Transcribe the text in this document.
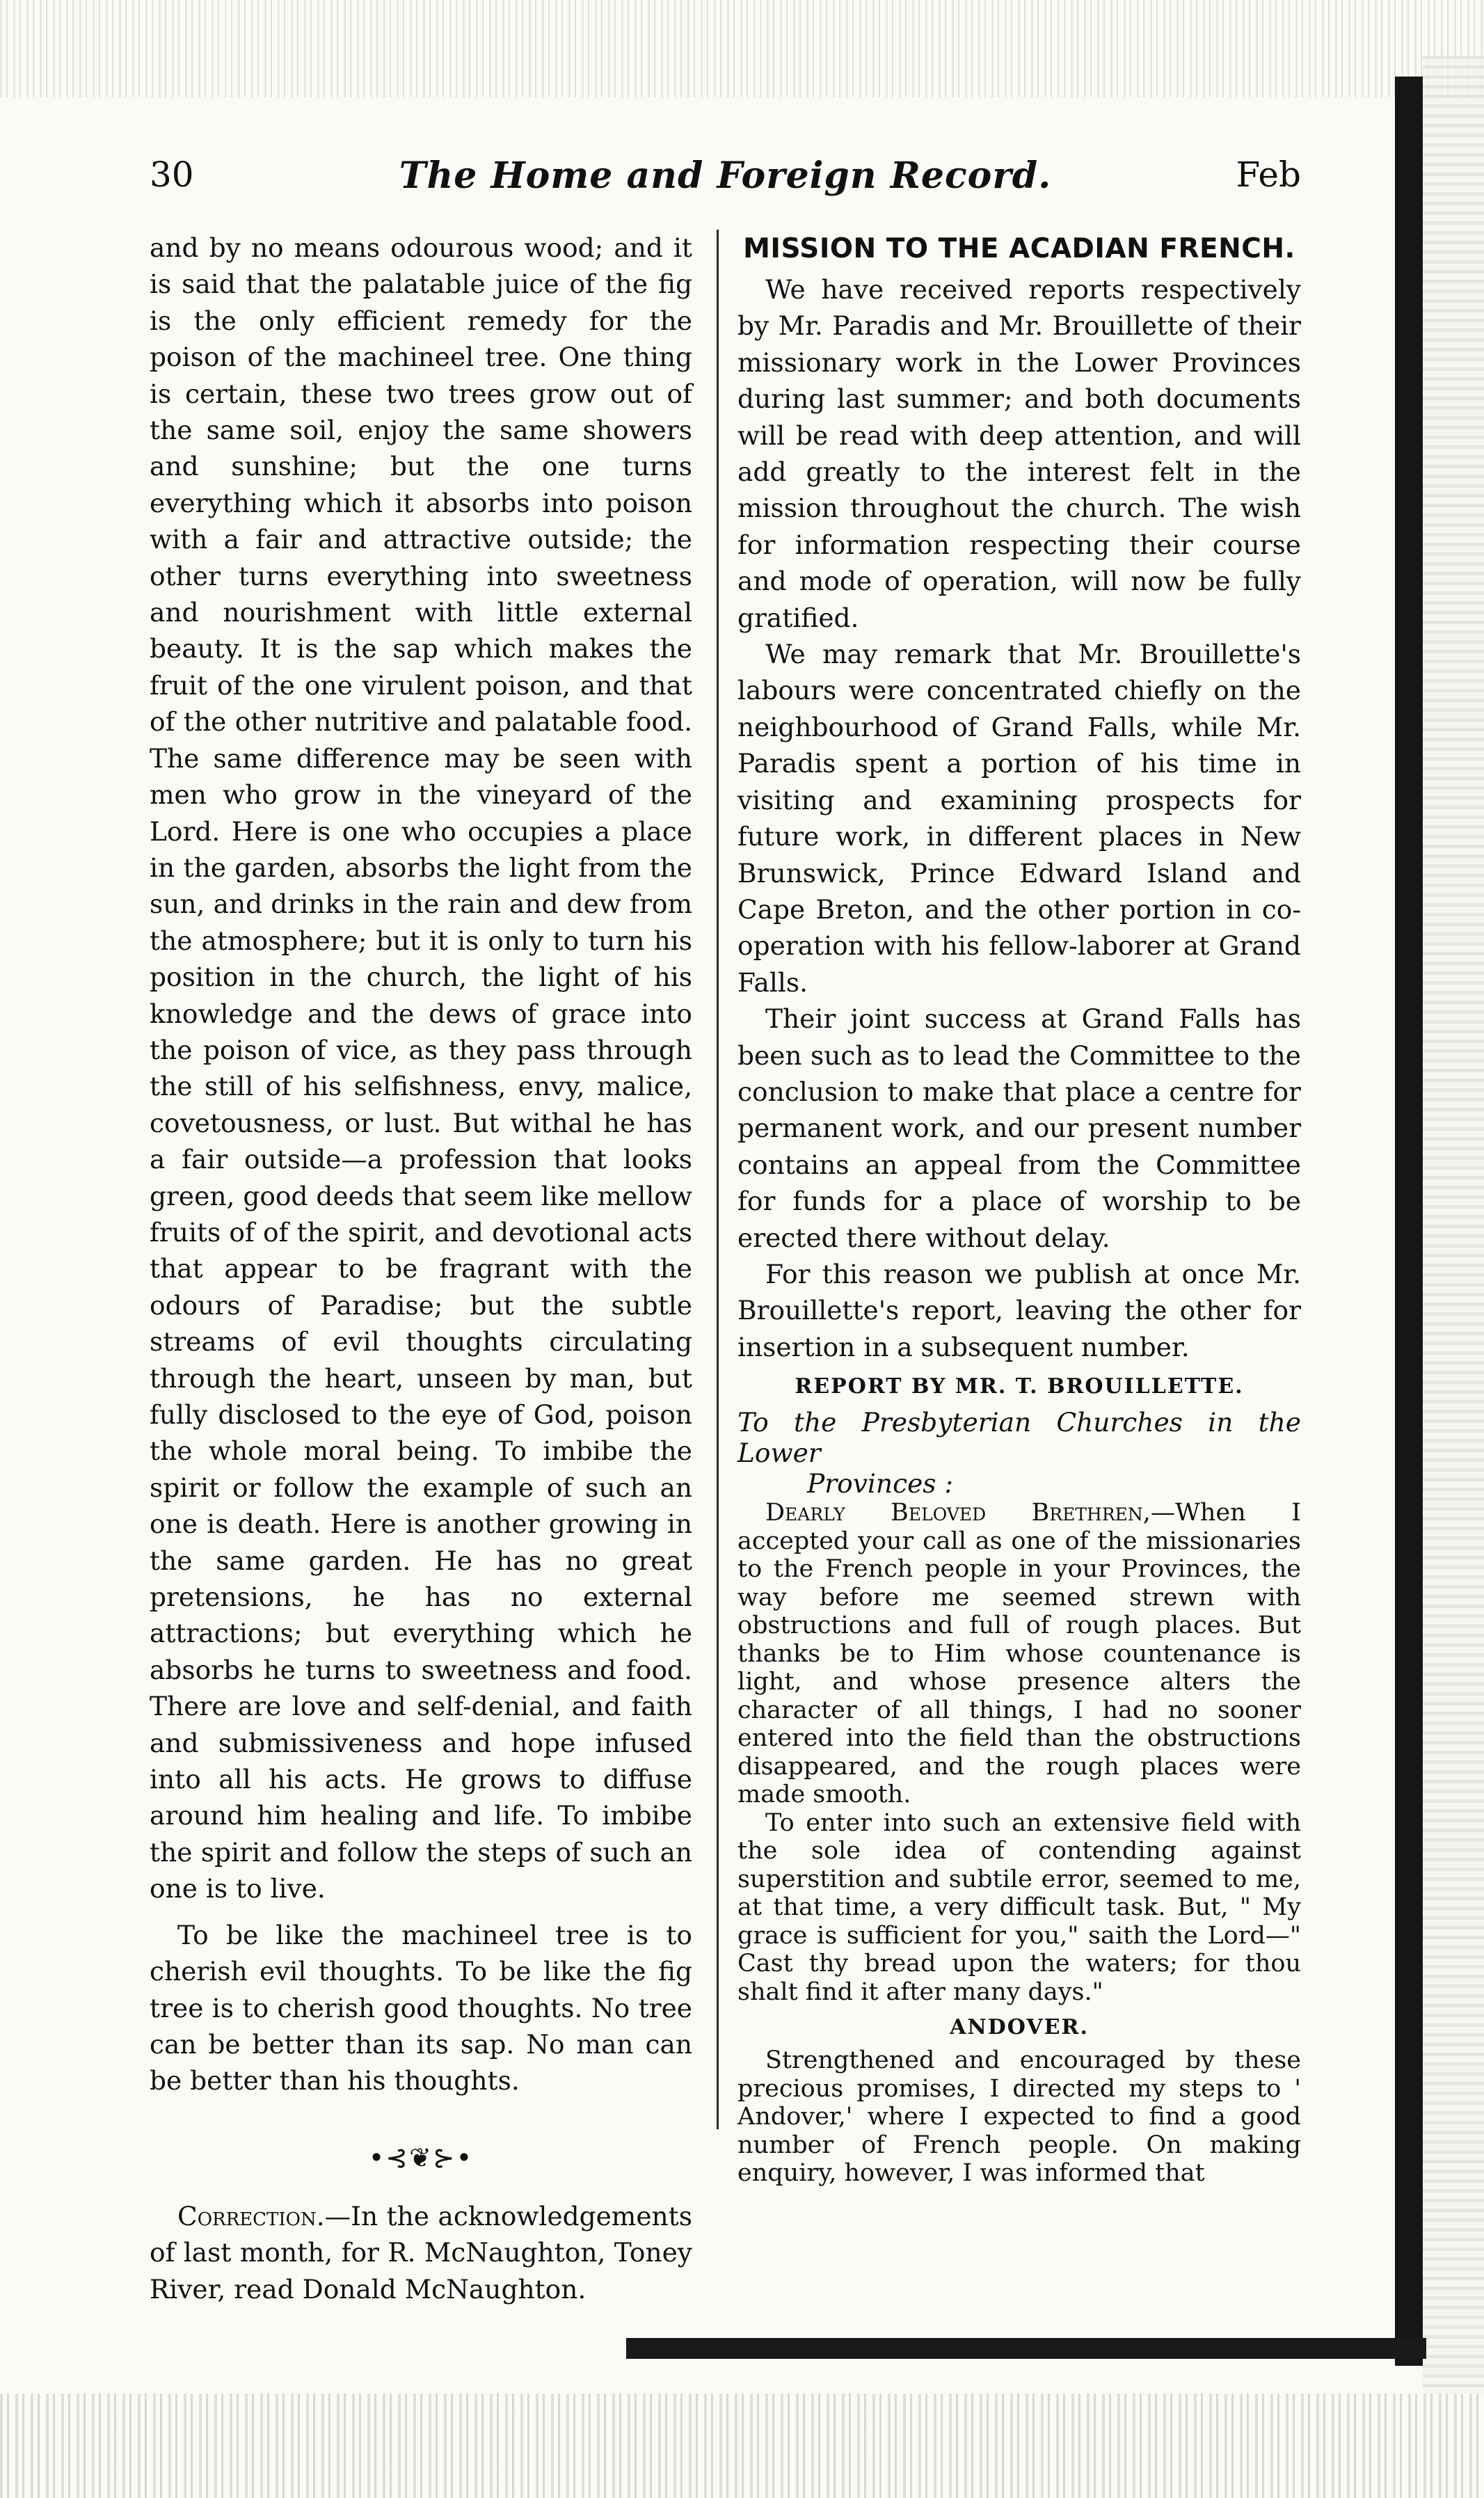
30	The Home and Foreign Record.	Feb

and by no means odourous wood; and it is said that the palatable juice of the fig is the only efficient remedy for the poison of the machineel tree. One thing is certain, these two trees grow out of the same soil, enjoy the same showers and sunshine; but the one turns everything which it absorbs into poison with a fair and attractive outside; the other turns everything into sweetness and nourishment with little external beauty. It is the sap which makes the fruit of the one virulent poison, and that of the other nutritive and palatable food. The same difference may be seen with men who grow in the vineyard of the Lord. Here is one who occupies a place in the garden, absorbs the light from the sun, and drinks in the rain and dew from the atmosphere; but it is only to turn his position in the church, the light of his knowledge and the dews of grace into the poison of vice, as they pass through the still of his selfishness, envy, malice, covetousness, or lust. But withal he has a fair outside—a profession that looks green, good deeds that seem like mellow fruits of of the spirit, and devotional acts that appear to be fragrant with the odours of Paradise; but the subtle streams of evil thoughts circulating through the heart, unseen by man, but fully disclosed to the eye of God, poison the whole moral being. To imbibe the spirit or follow the example of such an one is death. Here is another growing in the same garden. He has no great pretensions, he has no external attractions; but everything which he absorbs he turns to sweetness and food. There are love and self-denial, and faith and submissiveness and hope infused into all his acts. He grows to diffuse around him healing and life. To imbibe the spirit and follow the steps of such an one is to live.

To be like the machineel tree is to cherish evil thoughts. To be like the fig tree is to cherish good thoughts. No tree can be better than its sap. No man can be better than his thoughts.

•⊰❦⊱•

Correction.—In the acknowledgements of last month, for R. McNaughton, Toney River, read Donald McNaughton.

MISSION TO THE ACADIAN FRENCH.

We have received reports respectively by Mr. Paradis and Mr. Brouillette of their missionary work in the Lower Provinces during last summer; and both documents will be read with deep attention, and will add greatly to the interest felt in the mission throughout the church. The wish for information respecting their course and mode of operation, will now be fully gratified.

We may remark that Mr. Brouillette's labours were concentrated chiefly on the neighbourhood of Grand Falls, while Mr. Paradis spent a portion of his time in visiting and examining prospects for future work, in different places in New Brunswick, Prince Edward Island and Cape Breton, and the other portion in co-operation with his fellow-laborer at Grand Falls.

Their joint success at Grand Falls has been such as to lead the Committee to the conclusion to make that place a centre for permanent work, and our present number contains an appeal from the Committee for funds for a place of worship to be erected there without delay.

For this reason we publish at once Mr. Brouillette's report, leaving the other for insertion in a subsequent number.

REPORT BY MR. T. BROUILLETTE.
To the Presbyterian Churches in the Lower
Provinces :

Dearly Beloved Brethren,—When I accepted your call as one of the missionaries to the French people in your Provinces, the way before me seemed strewn with obstructions and full of rough places. But thanks be to Him whose countenance is light, and whose presence alters the character of all things, I had no sooner entered into the field than the obstructions disappeared, and the rough places were made smooth.

To enter into such an extensive field with the sole idea of contending against superstition and subtile error, seemed to me, at that time, a very difficult task. But, " My grace is sufficient for you," saith the Lord—" Cast thy bread upon the waters; for thou shalt find it after many days."

ANDOVER.

Strengthened and encouraged by these precious promises, I directed my steps to ' Andover,' where I expected to find a good number of French people. On making enquiry, however, I was informed that
